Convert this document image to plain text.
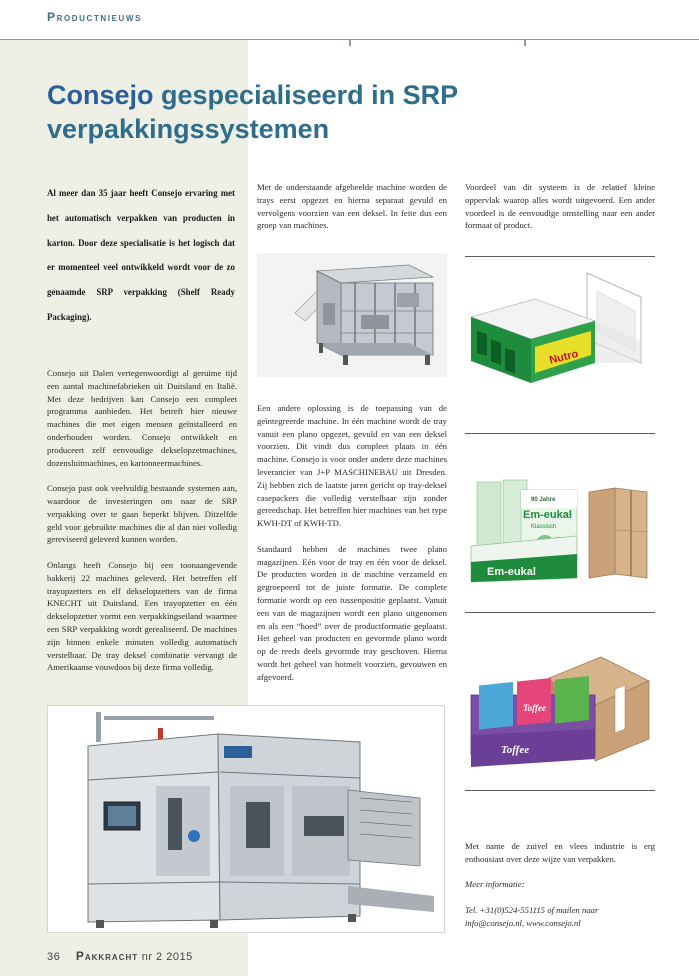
Productnieuws
Consejo gespecialiseerd in SRP verpakkingssystemen
Al meer dan 35 jaar heeft Consejo ervaring met het automatisch verpakken van producten in karton. Door deze specialisatie is het logisch dat er momenteel veel ontwikkeld wordt voor de zo genaamde SRP verpakking (Shelf Ready Packaging).

Consejo uit Dalen vertegenwoordigt al geruime tijd een aantal machinefabrieken uit Duitsland en Italië. Met deze bedrijven kan Consejo een compleet programma aanbieden. Het betreft hier nieuwe machines die met eigen mensen geïnstalleerd en onderhouden worden. Consejo ontwikkelt en produceert zelf eenvoudige dekselopzetmachines, dozensluitmachines, en kartonneermachines.

Consejo past ook veelvuldig bestaande systemen aan, waardoor de investeringen om naar de SRP verpakking over te gaan beperkt blijven. Ditzelfde geld voor gebruikte machines die al dan niet volledig gereviseerd geleverd kunnen worden.

Onlangs heeft Consejo bij een toonaangevende bakkerij 22 machines geleverd. Het betreffen elf trayopzetters en elf dekselopzetters van de firma KNECHT uit Duitsland. Een trayopzetter en één dekselopzetter vormt een verpakkingseiland waarmee een SRP verpakking wordt gerealiseerd. De machines zijn binnen enkele minuten volledig automatisch verstelbaar. De tray deksel combinatie vervangt de Amerikaanse vouwdoos bij deze firma volledig.

Met de onderstaande afgebeelde machine worden de trays eerst opgezet en hierna separaat gevuld en vervolgens voorzien van een deksel. In feite dus een groep van machines.

Een andere oplossing is de toepassing van de geïntegreerde machine. In één machine wordt de tray vanuit een plano opgezet, gevuld en van een deksel voorzien. Dit vindt dus compleet plaats in één machine. Consejo is voor onder andere deze machines leverancier van J+P MASCHINEBAU uit Dresden. Zij hebben zich de laatste jaren gericht op tray-deksel casepackers die volledig verstelbaar zijn zonder gereedschap. Het betreffen hier machines van het type KWH-DT of KWH-TD.

Standaard hebben de machines twee plano magazijnen. Eén voor de tray en één voor de deksel. De producten worden in de machine verzameld en gegroepeerd tot de juiste formatie. De complete formatie wordt op een tussenpositie geplaatst. Vanuit een van de magazijnen wordt een plano uitgenomen en als een “hoed” over de productformatie geplaatst. Het geheel van producten en gevormde plano wordt op de reeds deels gevormde tray geschoven. Hierna wordt het geheel van hotmelt voorzien, gevouwen en afgevoerd.

Voordeel van dit systeem is de relatief kleine oppervlak waarop alles wordt uitgevoerd. Een ander voordeel is de eenvoudige omstelling naar een ander formaat of product.

Nutro
90 Jahre
Em-eukal
Klassisch
Em-eukal
Toffee
Toffee

Met name de zuivel en vlees industrie is erg enthousiast over deze wijze van verpakken.

Meer informatie:
Tel. +31(0)524-551115 of mailen naar
info@consejo.nl, www.consejo.nl
36 Pakkracht nr 2 2015
